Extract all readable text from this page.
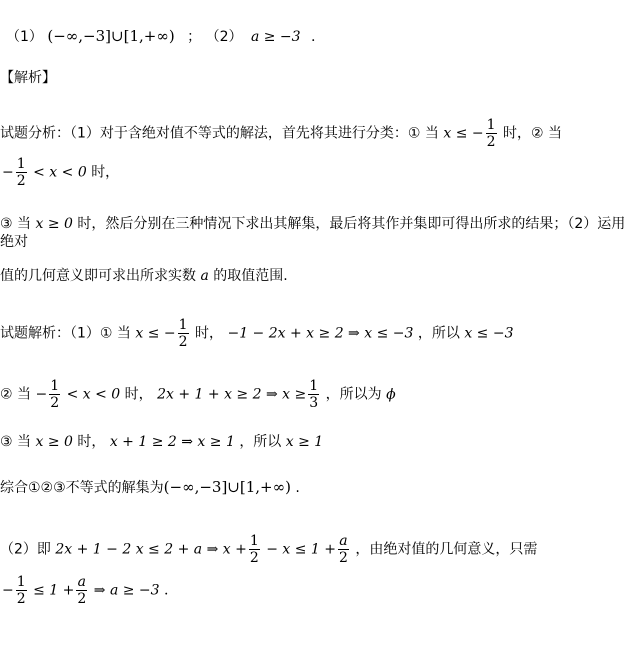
（1） (−∞,−3]∪[1,+∞) ； （2） a ≥ −3 .
【解析】
试题分析：（1）对于含绝对值不等式的解法，首先将其进行分类：① 当 x ≤ − $\frac{1}{2}$ 时，② 当
− $\frac{1}{2} < x < 0$ 时，
③ 当 x ≥ 0 时，然后分别在三种情况下求出其解集，最后将其作并集即可得出所求的结果；（2）运用
绝对
值的几何意义即可求出所求实数 a 的取值范围.
试题解析：（1）① 当 x ≤ − $\frac{1}{2}$ 时， −1 − 2x + x ≥ 2 ⇒ x ≤ −3 ，所以 x ≤ −3
② 当 − $\frac{1}{2} < x < 0$ 时， 2x + 1 + x ≥ 2 ⇒ $x \ge \frac{1}{3}$ ，所以为 ϕ
③ 当 x ≥ 0 时， x + 1 ≥ 2 ⇒ x ≥ 1 ，所以 x ≥ 1
综合①②③不等式的解集为(−∞,−3]∪[1,+∞) .
（2）即 2x + 1 − 2 x ≤ 2 + a ⇒ $x + \frac{1}{2} - x \le 1 + \frac{a}{2}$ ，由绝对值的几何意义，只需
− $\frac{1}{2} \le 1 + \frac{a}{2}$ ⇒ a ≥ −3 .
